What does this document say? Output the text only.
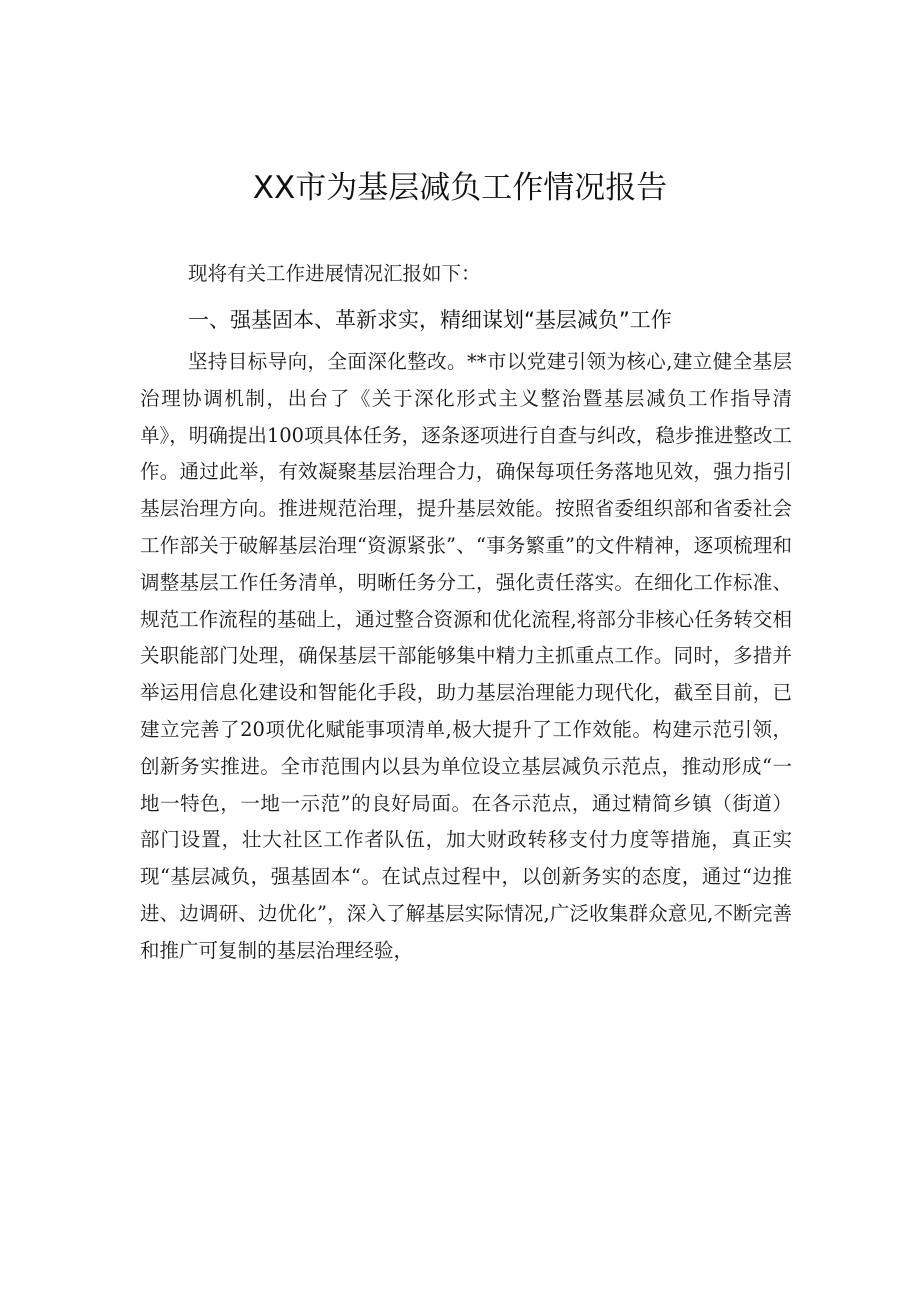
XX市为基层减负工作情况报告

现将有关工作进展情况汇报如下：

一、强基固本、革新求实，精细谋划“基层减负”工作

坚持目标导向，全面深化整改。**市以党建引领为核心,建立健全基层治理协调机制，出台了《关于深化形式主义整治暨基层减负工作指导清单》，明确提出100项具体任务，逐条逐项进行自查与纠改，稳步推进整改工作。通过此举，有效凝聚基层治理合力，确保每项任务落地见效，强力指引基层治理方向。推进规范治理，提升基层效能。按照省委组织部和省委社会工作部关于破解基层治理“资源紧张”、“事务繁重”的文件精神，逐项梳理和调整基层工作任务清单，明晰任务分工，强化责任落实。在细化工作标准、规范工作流程的基础上，通过整合资源和优化流程,将部分非核心任务转交相关职能部门处理，确保基层干部能够集中精力主抓重点工作。同时，多措并举运用信息化建设和智能化手段，助力基层治理能力现代化，截至目前，已建立完善了20项优化赋能事项清单,极大提升了工作效能。构建示范引领，创新务实推进。全市范围内以县为单位设立基层减负示范点，推动形成“一地一特色，一地一示范”的良好局面。在各示范点，通过精简乡镇（街道）部门设置，壮大社区工作者队伍，加大财政转移支付力度等措施，真正实现“基层减负，强基固本“。在试点过程中，以创新务实的态度，通过“边推进、边调研、边优化”，深入了解基层实际情况,广泛收集群众意见,不断完善和推广可复制的基层治理经验，
